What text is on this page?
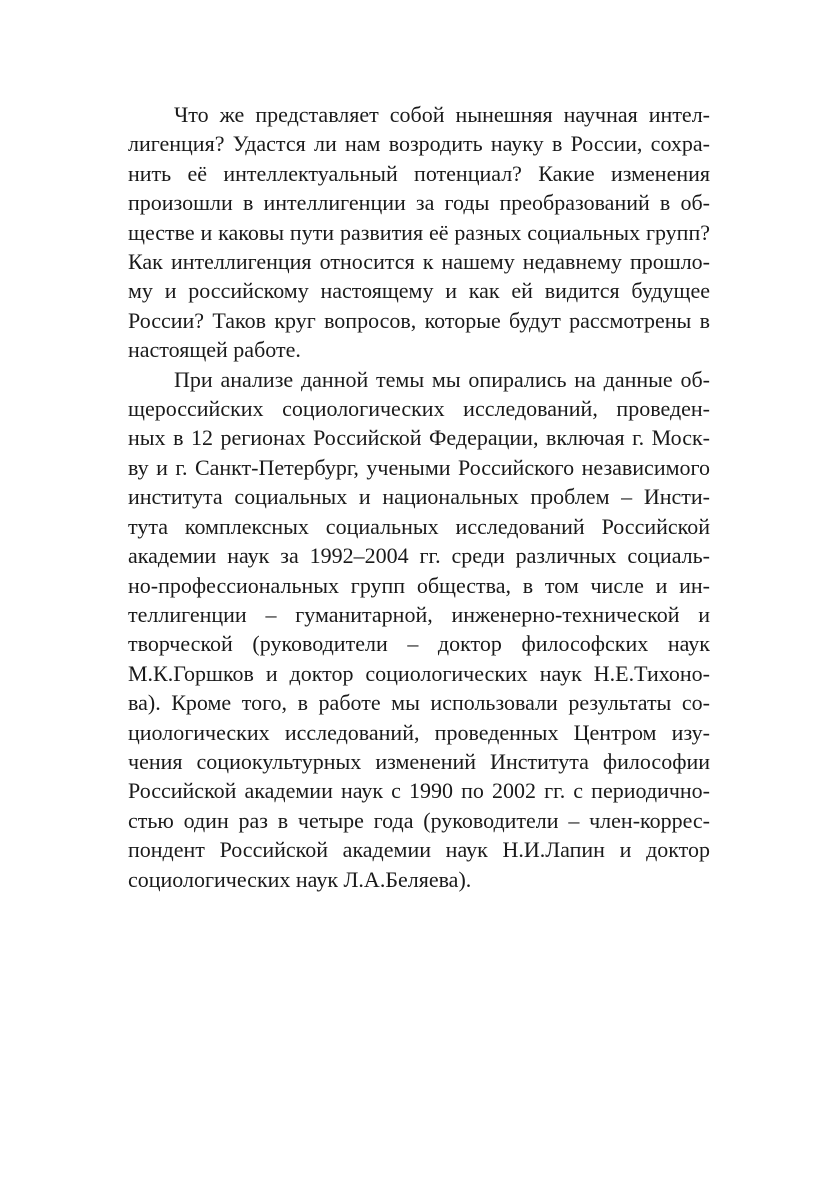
Что же представляет собой нынешняя научная интел-
лигенция? Удастся ли нам возродить науку в России, сохра-
нить её интеллектуальный потенциал? Какие изменения
произошли в интеллигенции за годы преобразований в об-
ществе и каковы пути развития её разных социальных групп?
Как интеллигенция относится к нашему недавнему прошло-
му и российскому настоящему и как ей видится будущее
России? Таков круг вопросов, которые будут рассмотрены в
настоящей работе.
При анализе данной темы мы опирались на данные об-
щероссийских социологических исследований, проведен-
ных в 12 регионах Российской Федерации, включая г. Моск-
ву и г. Санкт-Петербург, учеными Российского независимого
института социальных и национальных проблем – Инсти-
тута комплексных социальных исследований Российской
академии наук за 1992–2004 гг. среди различных социаль-
но-профессиональных групп общества, в том числе и ин-
теллигенции – гуманитарной, инженерно-технической и
творческой (руководители – доктор философских наук
М.К.Горшков и доктор социологических наук Н.Е.Тихоно-
ва). Кроме того, в работе мы использовали результаты со-
циологических исследований, проведенных Центром изу-
чения социокультурных изменений Института философии
Российской академии наук с 1990 по 2002 гг. с периодично-
стью один раз в четыре года (руководители – член-коррес-
пондент Российской академии наук Н.И.Лапин и доктор
социологических наук Л.А.Беляева).
